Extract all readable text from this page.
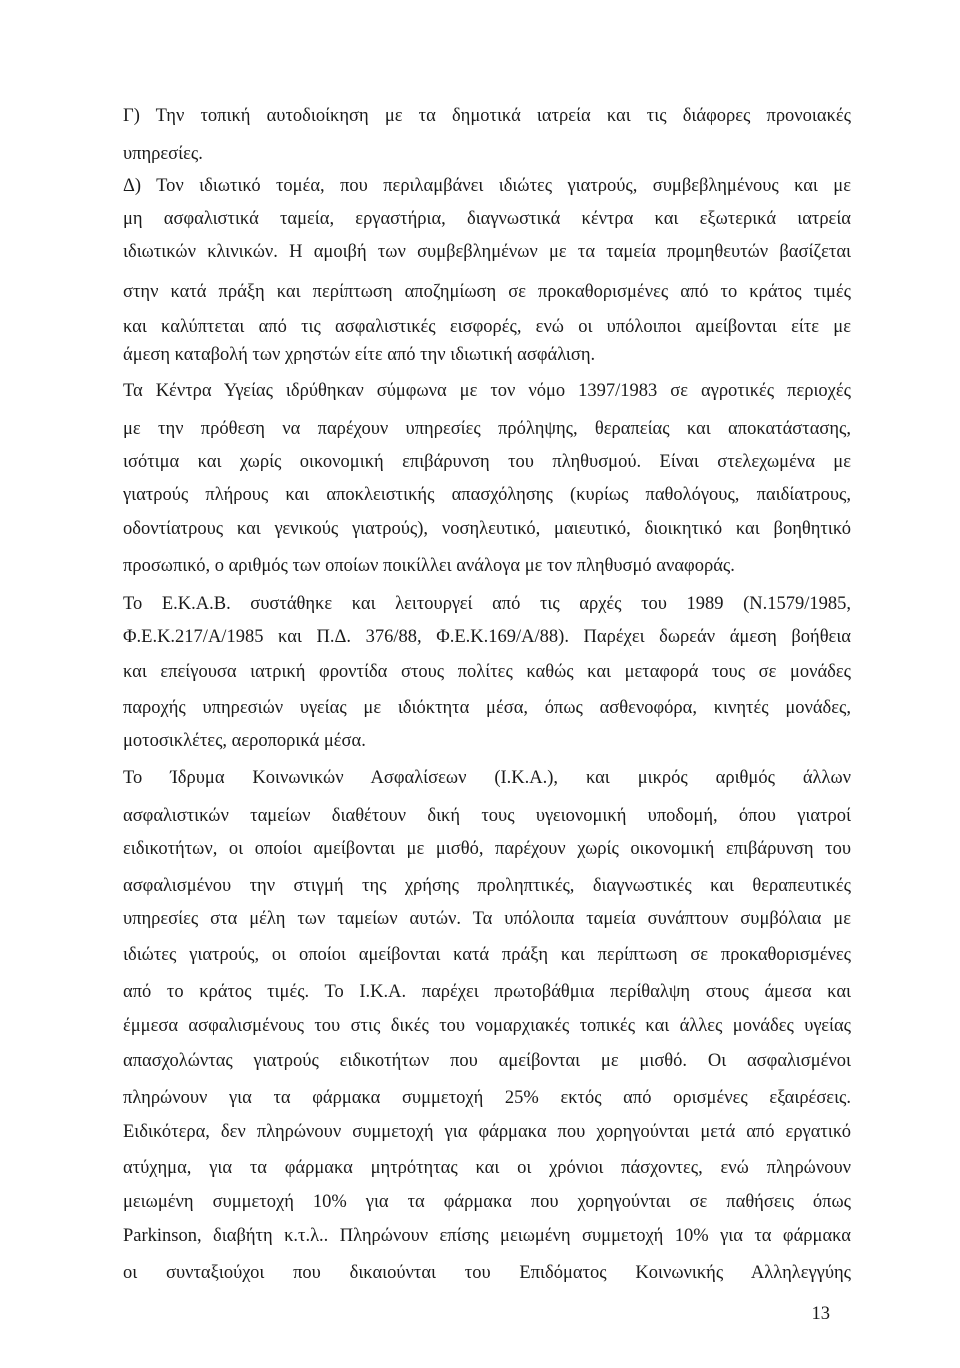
Γ) Την τοπική αυτοδιοίκηση με τα δημοτικά ιατρεία και τις διάφορες προνοιακές
υπηρεσίες.
Δ) Τον ιδιωτικό τομέα, που περιλαμβάνει ιδιώτες γιατρούς, συμβεβλημένους και με
μη ασφαλιστικά ταμεία, εργαστήρια, διαγνωστικά κέντρα και εξωτερικά ιατρεία
ιδιωτικών κλινικών. Η αμοιβή των συμβεβλημένων με τα ταμεία προμηθευτών βασίζεται
στην κατά πράξη και περίπτωση αποζημίωση σε προκαθορισμένες από το κράτος τιμές
και καλύπτεται από τις ασφαλιστικές εισφορές, ενώ οι υπόλοιποι αμείβονται είτε με
άμεση καταβολή των χρηστών είτε από την ιδιωτική ασφάλιση.
Τα Κέντρα Υγείας ιδρύθηκαν σύμφωνα με τον νόμο 1397/1983 σε αγροτικές περιοχές
με την πρόθεση να παρέχουν υπηρεσίες πρόληψης, θεραπείας και αποκατάστασης,
ισότιμα και χωρίς οικονομική επιβάρυνση του πληθυσμού. Είναι στελεχωμένα με
γιατρούς πλήρους και αποκλειστικής απασχόλησης (κυρίως παθολόγους, παιδίατρους,
οδοντίατρους και γενικούς γιατρούς), νοσηλευτικό, μαιευτικό, διοικητικό και βοηθητικό
προσωπικό, ο αριθμός των οποίων ποικίλλει ανάλογα με τον πληθυσμό αναφοράς.
Το Ε.Κ.Α.Β. συστάθηκε και λειτουργεί από τις αρχές του 1989 (Ν.1579/1985,
Φ.Ε.Κ.217/Α/1985 και Π.Δ. 376/88, Φ.Ε.Κ.169/Α/88). Παρέχει δωρεάν άμεση βοήθεια
και επείγουσα ιατρική φροντίδα στους πολίτες καθώς και μεταφορά τους σε μονάδες
παροχής υπηρεσιών υγείας με ιδιόκτητα μέσα, όπως ασθενοφόρα, κινητές μονάδες,
μοτοσικλέτες, αεροπορικά μέσα.
Το Ίδρυμα Κοινωνικών Ασφαλίσεων (Ι.Κ.Α.), και μικρός αριθμός άλλων
ασφαλιστικών ταμείων διαθέτουν δική τους υγειονομική υποδομή, όπου γιατροί
ειδικοτήτων, οι οποίοι αμείβονται με μισθό, παρέχουν χωρίς οικονομική επιβάρυνση του
ασφαλισμένου την στιγμή της χρήσης προληπτικές, διαγνωστικές και θεραπευτικές
υπηρεσίες στα μέλη των ταμείων αυτών. Τα υπόλοιπα ταμεία συνάπτουν συμβόλαια με
ιδιώτες γιατρούς, οι οποίοι αμείβονται κατά πράξη και περίπτωση σε προκαθορισμένες
από το κράτος τιμές. Το Ι.Κ.Α. παρέχει πρωτοβάθμια περίθαλψη στους άμεσα και
έμμεσα ασφαλισμένους του στις δικές του νομαρχιακές τοπικές και άλλες μονάδες υγείας
απασχολώντας γιατρούς ειδικοτήτων που αμείβονται με μισθό. Οι ασφαλισμένοι
πληρώνουν για τα φάρμακα συμμετοχή 25% εκτός από ορισμένες εξαιρέσεις.
Ειδικότερα, δεν πληρώνουν συμμετοχή για φάρμακα που χορηγούνται μετά από εργατικό
ατύχημα, για τα φάρμακα μητρότητας και οι χρόνιοι πάσχοντες, ενώ πληρώνουν
μειωμένη συμμετοχή 10% για τα φάρμακα που χορηγούνται σε παθήσεις όπως
Parkinson, διαβήτη κ.τ.λ.. Πληρώνουν επίσης μειωμένη συμμετοχή 10% για τα φάρμακα
οι συνταξιούχοι που δικαιούνται του Επιδόματος Κοινωνικής Αλληλεγγύης
13
